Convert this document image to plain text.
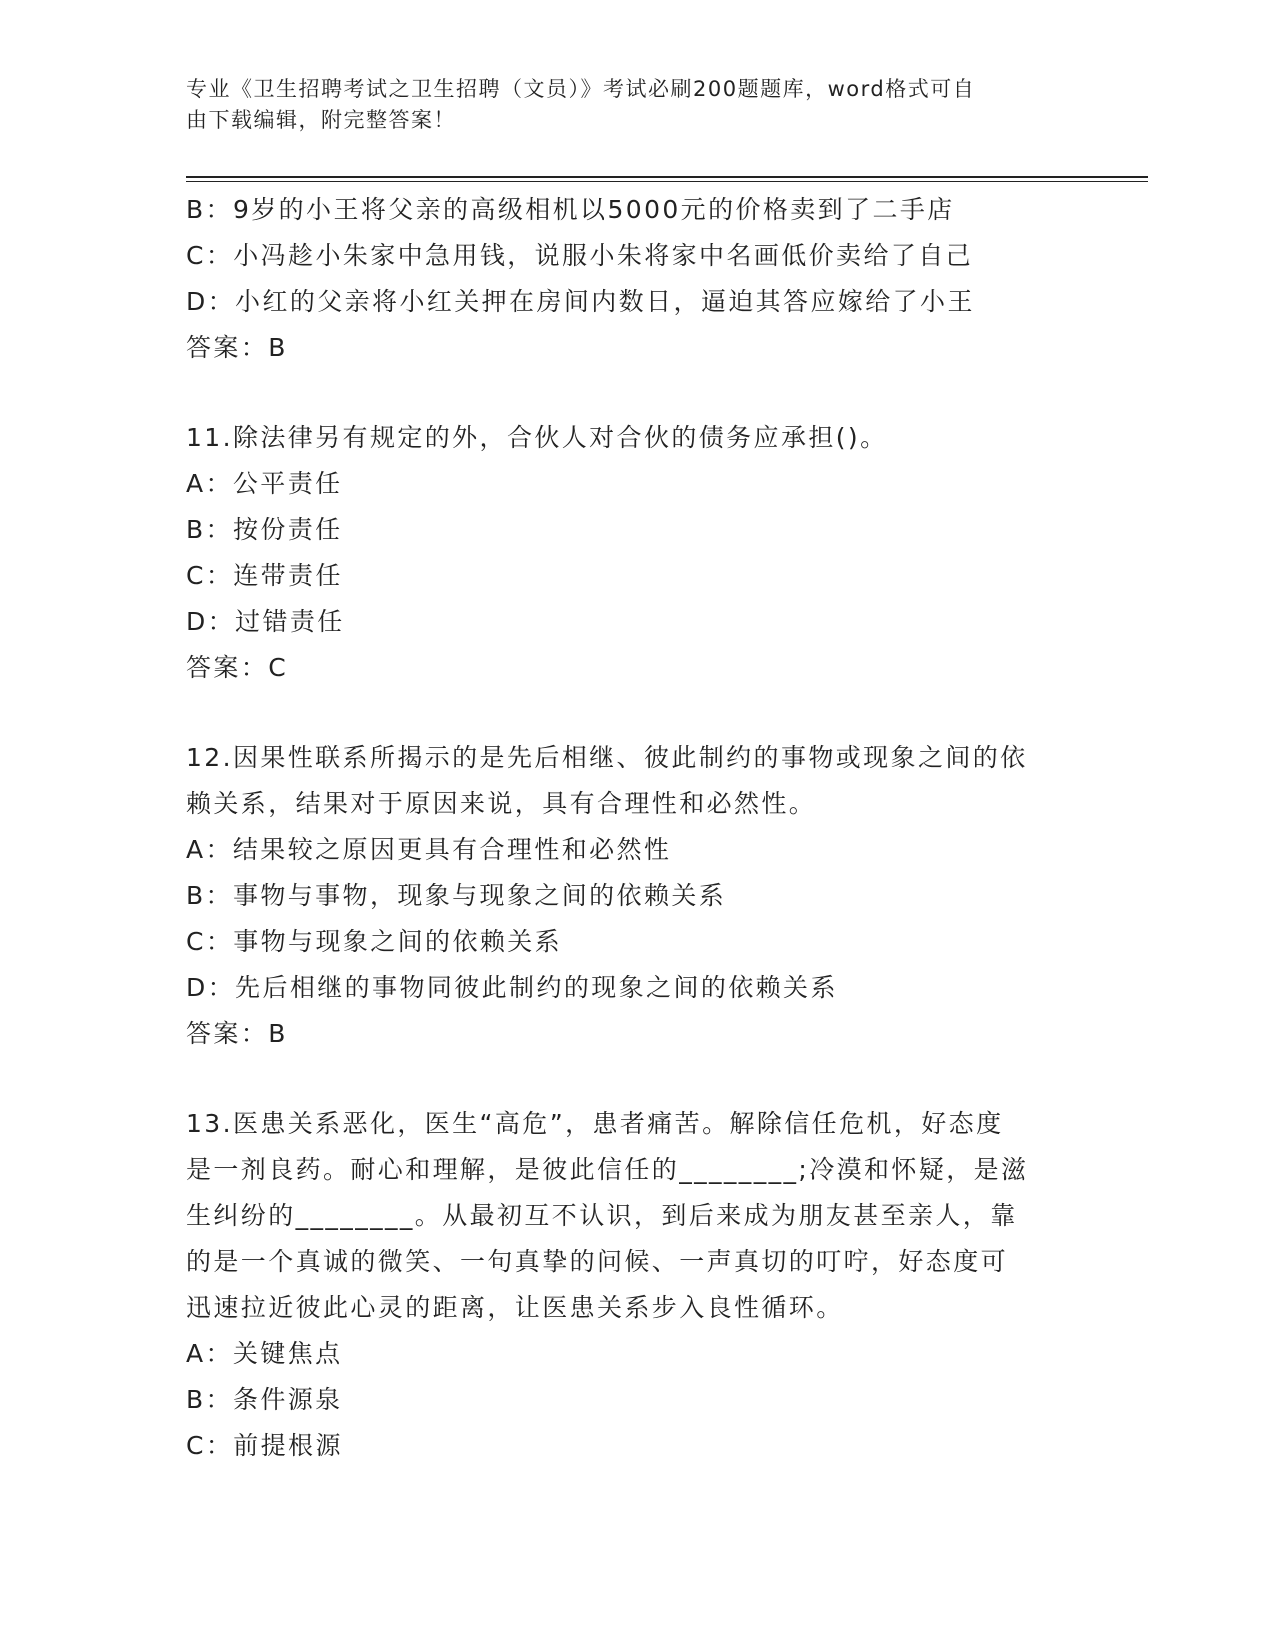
专业《卫生招聘考试之卫生招聘（文员）》考试必刷200题题库，word格式可自
由下载编辑，附完整答案！
B：9岁的小王将父亲的高级相机以5000元的价格卖到了二手店
C：小冯趁小朱家中急用钱，说服小朱将家中名画低价卖给了自己
D：小红的父亲将小红关押在房间内数日，逼迫其答应嫁给了小王
答案：B
11.除法律另有规定的外，合伙人对合伙的债务应承担()。
A：公平责任
B：按份责任
C：连带责任
D：过错责任
答案：C
12.因果性联系所揭示的是先后相继、彼此制约的事物或现象之间的依
赖关系，结果对于原因来说，具有合理性和必然性。
A：结果较之原因更具有合理性和必然性
B：事物与事物，现象与现象之间的依赖关系
C：事物与现象之间的依赖关系
D：先后相继的事物同彼此制约的现象之间的依赖关系
答案：B
13.医患关系恶化，医生“高危”，患者痛苦。解除信任危机，好态度
是一剂良药。耐心和理解，是彼此信任的________;冷漠和怀疑，是滋
生纠纷的________。从最初互不认识，到后来成为朋友甚至亲人，靠
的是一个真诚的微笑、一句真挚的问候、一声真切的叮咛，好态度可
迅速拉近彼此心灵的距离，让医患关系步入良性循环。
A：关键焦点
B：条件源泉
C：前提根源
